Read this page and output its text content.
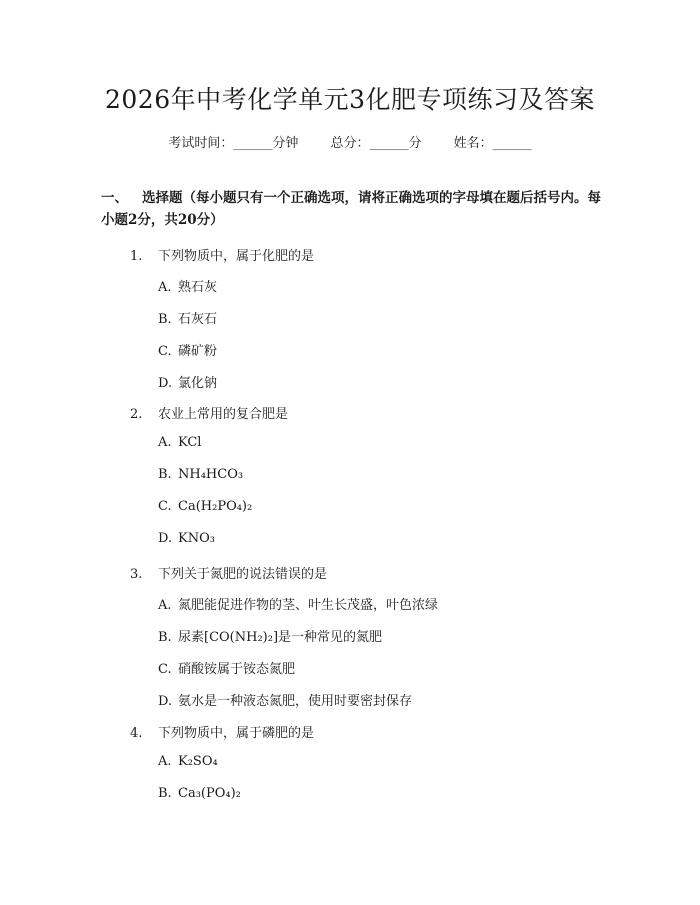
2026年中考化学单元3化肥专项练习及答案
考试时间：______分钟 总分：______分 姓名：______
一、 选择题（每小题只有一个正确选项，请将正确选项的字母填在题后括号内。每小题2分，共20分）
1. 下列物质中，属于化肥的是
A. 熟石灰
B. 石灰石
C. 磷矿粉
D. 氯化钠
2. 农业上常用的复合肥是
A. KCl
B. NH₄HCO₃
C. Ca(H₂PO₄)₂
D. KNO₃
3. 下列关于氮肥的说法错误的是
A. 氮肥能促进作物的茎、叶生长茂盛，叶色浓绿
B. 尿素[CO(NH₂)₂]是一种常见的氮肥
C. 硝酸铵属于铵态氮肥
D. 氨水是一种液态氮肥，使用时要密封保存
4. 下列物质中，属于磷肥的是
A. K₂SO₄
B. Ca₃(PO₄)₂
